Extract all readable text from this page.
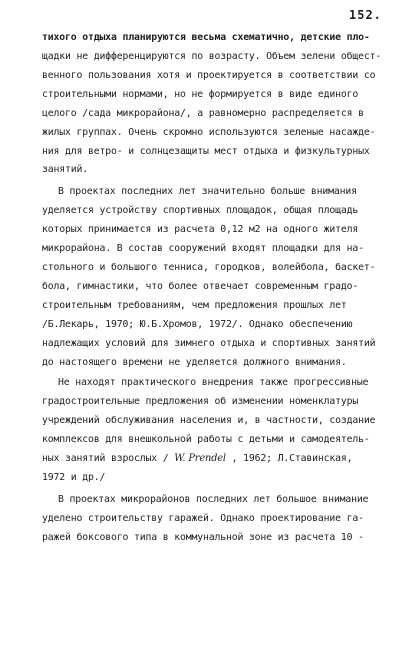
152.
тихого отдыха планируются весьма схематично, детские пло-
щадки не дифференцируются по возрасту. Объем зелени общест-
венного пользования хотя и проектируется в соответствии со
строительными нормами, но не формируется в виде единого
целого /сада микрорайона/, а равномерно распределяется в
жилых группах. Очень скромно используются зеленые насажде-
ния для ветро- и солнцезащиты мест отдыха и физкультурных
занятий.
В проектах последних лет значительно больше внимания
уделяется устройству спортивных площадок, общая площадь
которых принимается из расчета 0,12 м2 на одного жителя
микрорайона. В состав сооружений входят площадки для на-
стольного и большого тенниса, городков, волейбола, баскет-
бола, гимнастики, что более отвечает современным градо-
строительным требованиям, чем предложения прошлых лет
/Б.Лекарь, 1970; Ю.Б.Хромов, 1972/. Однако обеспечению
надлежащих условий для зимнего отдыха и спортивных занятий
до настоящего времени не уделяется должного внимания.
Не находят практического внедрения также прогрессивные
градостроительные предложения об изменении номенклатуры
учреждений обслуживания населения и, в частности, создание
комплексов для внешкольной работы с детьми и самодеятель-
ных занятий взрослых / W. Prendel , 1962; Л.Ставинская,
1972 и др./
В проектах микрорайонов последних лет большое внимание
уделено строительству гаражей. Однако проектирование га-
ражей боксового типа в коммунальной зоне из расчета 10 -
